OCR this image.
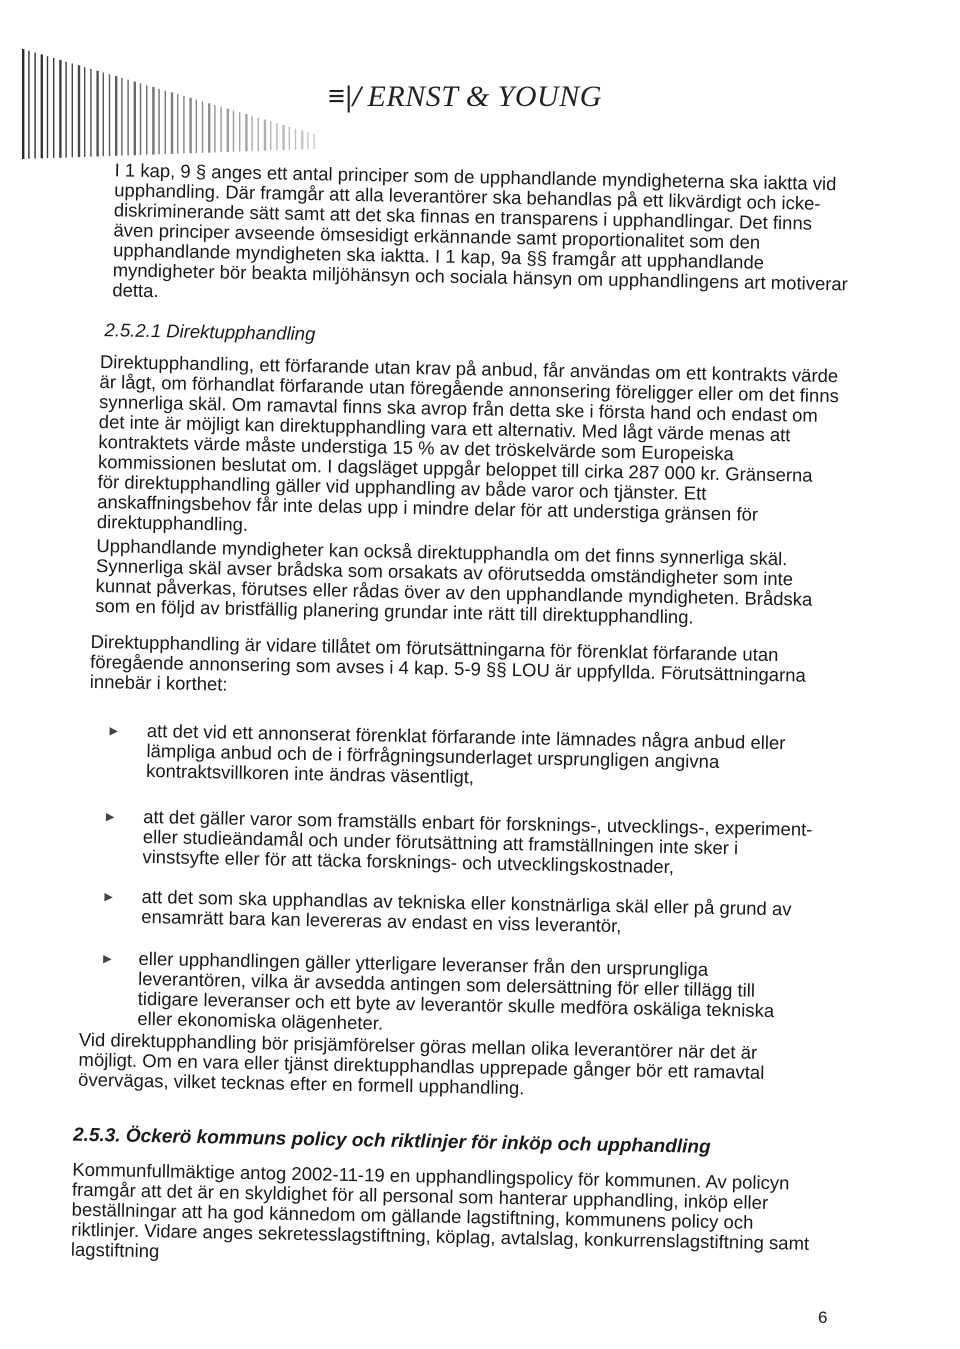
≡|/ ERNST & YOUNG

I 1 kap, 9 § anges ett antal principer som de upphandlande myndigheterna ska iaktta vid upphandling. Där framgår att alla leverantörer ska behandlas på ett likvärdigt och icke-diskriminerande sätt samt att det ska finnas en transparens i upphandlingar. Det finns även principer avseende ömsesidigt erkännande samt proportionalitet som den upphandlande myndigheten ska iaktta. I 1 kap, 9a §§ framgår att upphandlande myndigheter bör beakta miljöhänsyn och sociala hänsyn om upphandlingens art motiverar detta.

2.5.2.1 Direktupphandling

Direktupphandling, ett förfarande utan krav på anbud, får användas om ett kontrakts värde är lågt, om förhandlat förfarande utan föregående annonsering föreligger eller om det finns synnerliga skäl. Om ramavtal finns ska avrop från detta ske i första hand och endast om det inte är möjligt kan direktupphandling vara ett alternativ. Med lågt värde menas att kontraktets värde måste understiga 15 % av det tröskelvärde som Europeiska kommissionen beslutat om. I dagsläget uppgår beloppet till cirka 287 000 kr. Gränserna för direktupphandling gäller vid upphandling av både varor och tjänster. Ett anskaffningsbehov får inte delas upp i mindre delar för att understiga gränsen för direktupphandling.

Upphandlande myndigheter kan också direktupphandla om det finns synnerliga skäl. Synnerliga skäl avser brådska som orsakats av oförutsedda omständigheter som inte kunnat påverkas, förutses eller rådas över av den upphandlande myndigheten. Brådska som en följd av bristfällig planering grundar inte rätt till direktupphandling.

Direktupphandling är vidare tillåtet om förutsättningarna för förenklat förfarande utan föregående annonsering som avses i 4 kap. 5-9 §§ LOU är uppfyllda. Förutsättningarna innebär i korthet:

► att det vid ett annonserat förenklat förfarande inte lämnades några anbud eller lämpliga anbud och de i förfrågningsunderlaget ursprungligen angivna kontraktsvillkoren inte ändras väsentligt,

► att det gäller varor som framställs enbart för forsknings-, utvecklings-, experiment- eller studieändamål och under förutsättning att framställningen inte sker i vinstsyfte eller för att täcka forsknings- och utvecklingskostnader,

► att det som ska upphandlas av tekniska eller konstnärliga skäl eller på grund av ensamrätt bara kan levereras av endast en viss leverantör,

► eller upphandlingen gäller ytterligare leveranser från den ursprungliga leverantören, vilka är avsedda antingen som delersättning för eller tillägg till tidigare leveranser och ett byte av leverantör skulle medföra oskäliga tekniska eller ekonomiska olägenheter.

Vid direktupphandling bör prisjämförelser göras mellan olika leverantörer när det är möjligt. Om en vara eller tjänst direktupphandlas upprepade gånger bör ett ramavtal övervägas, vilket tecknas efter en formell upphandling.

2.5.3. Öckerö kommuns policy och riktlinjer för inköp och upphandling

Kommunfullmäktige antog 2002-11-19 en upphandlingspolicy för kommunen. Av policyn framgår att det är en skyldighet för all personal som hanterar upphandling, inköp eller beställningar att ha god kännedom om gällande lagstiftning, kommunens policy och riktlinjer. Vidare anges sekretesslagstiftning, köplag, avtalslag, konkurrenslagstiftning samt lagstiftning

6
